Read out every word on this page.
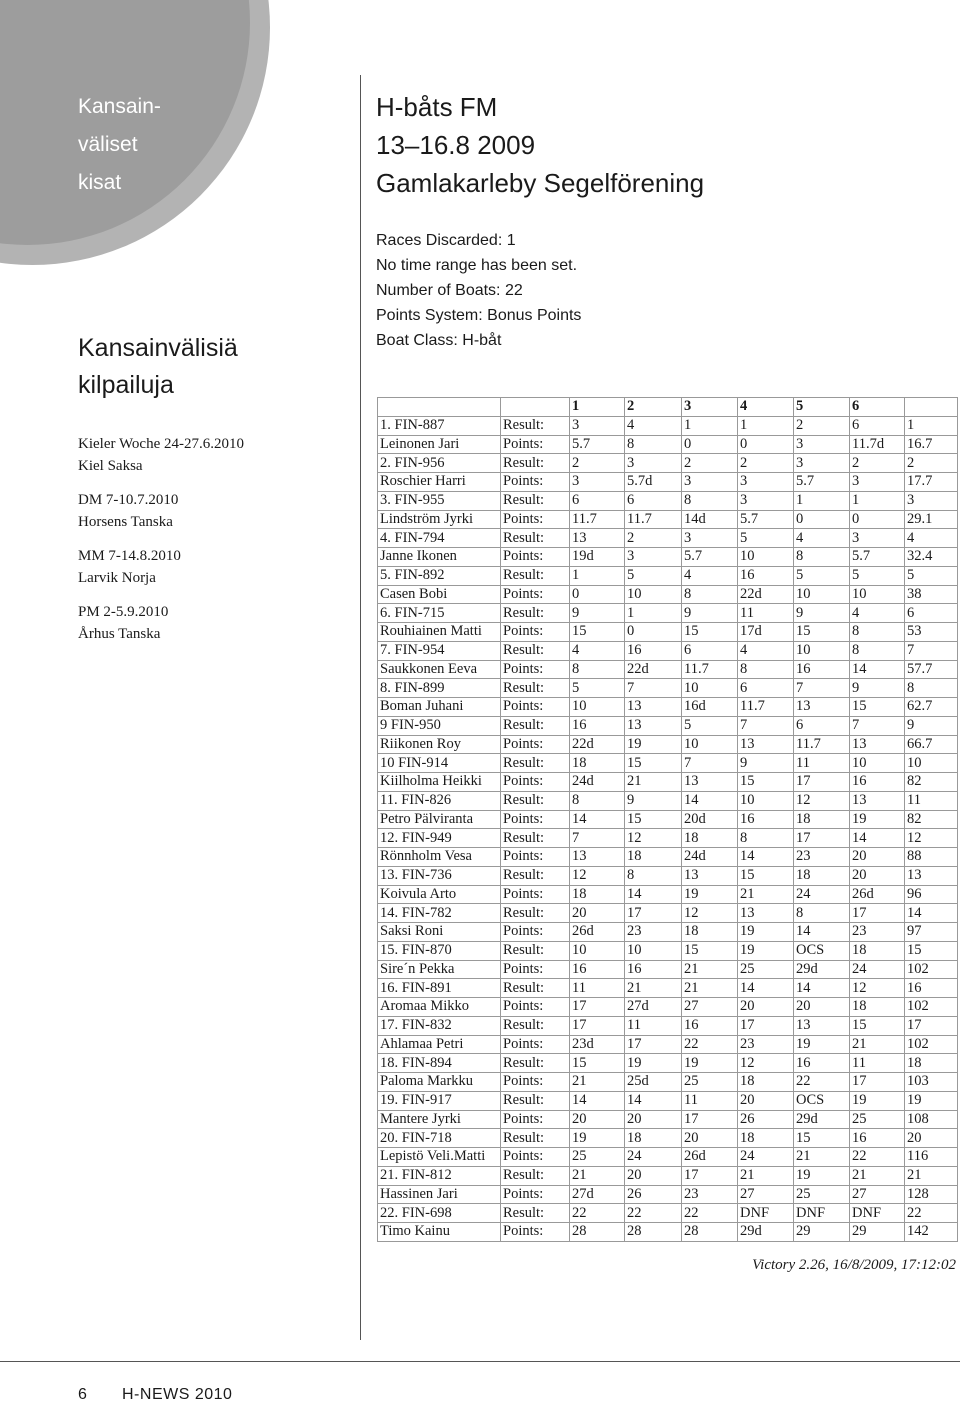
Kansain-
väliset
kisat
Kansainvälisiä
kilpailuja
Kieler Woche 24-27.6.2010
Kiel Saksa
DM 7-10.7.2010
Horsens Tanska
MM 7-14.8.2010
Larvik Norja
PM 2-5.9.2010
Århus Tanska
H-båts FM
13–16.8 2009
Gamlakarleby Segelförening
Races Discarded: 1
No time range has been set.
Number of Boats: 22
Points System: Bonus Points
Boat Class: H-båt
		1	2	3	4	5	6	
1. FIN-887	Result:	3	4	1	1	2	6	1
Leinonen Jari	Points:	5.7	8	0	0	3	11.7d	16.7
2. FIN-956	Result:	2	3	2	2	3	2	2
Roschier Harri	Points:	3	5.7d	3	3	5.7	3	17.7
3. FIN-955	Result:	6	6	8	3	1	1	3
Lindström Jyrki	Points:	11.7	11.7	14d	5.7	0	0	29.1
4. FIN-794	Result:	13	2	3	5	4	3	4
Janne Ikonen	Points:	19d	3	5.7	10	8	5.7	32.4
5. FIN-892	Result:	1	5	4	16	5	5	5
Casen Bobi	Points:	0	10	8	22d	10	10	38
6. FIN-715	Result:	9	1	9	11	9	4	6
Rouhiainen Matti	Points:	15	0	15	17d	15	8	53
7. FIN-954	Result:	4	16	6	4	10	8	7
Saukkonen Eeva	Points:	8	22d	11.7	8	16	14	57.7
8. FIN-899	Result:	5	7	10	6	7	9	8
Boman Juhani	Points:	10	13	16d	11.7	13	15	62.7
9 FIN-950	Result:	16	13	5	7	6	7	9
Riikonen Roy	Points:	22d	19	10	13	11.7	13	66.7
10 FIN-914	Result:	18	15	7	9	11	10	10
Kiilholma Heikki	Points:	24d	21	13	15	17	16	82
11. FIN-826	Result:	8	9	14	10	12	13	11
Petro Pälviranta	Points:	14	15	20d	16	18	19	82
12. FIN-949	Result:	7	12	18	8	17	14	12
Rönnholm Vesa	Points:	13	18	24d	14	23	20	88
13. FIN-736	Result:	12	8	13	15	18	20	13
Koivula Arto	Points:	18	14	19	21	24	26d	96
14. FIN-782	Result:	20	17	12	13	8	17	14
Saksi Roni	Points:	26d	23	18	19	14	23	97
15. FIN-870	Result:	10	10	15	19	OCS	18	15
Sire´n Pekka	Points:	16	16	21	25	29d	24	102
16. FIN-891	Result:	11	21	21	14	14	12	16
Aromaa Mikko	Points:	17	27d	27	20	20	18	102
17. FIN-832	Result:	17	11	16	17	13	15	17
Ahlamaa Petri	Points:	23d	17	22	23	19	21	102
18. FIN-894	Result:	15	19	19	12	16	11	18
Paloma Markku	Points:	21	25d	25	18	22	17	103
19. FIN-917	Result:	14	14	11	20	OCS	19	19
Mantere Jyrki	Points:	20	20	17	26	29d	25	108
20. FIN-718	Result:	19	18	20	18	15	16	20
Lepistö Veli.Matti	Points:	25	24	26d	24	21	22	116
21. FIN-812	Result:	21	20	17	21	19	21	21
Hassinen Jari	Points:	27d	26	23	27	25	27	128
22. FIN-698	Result:	22	22	22	DNF	DNF	DNF	22
Timo Kainu	Points:	28	28	28	29d	29	29	142
Victory 2.26, 16/8/2009, 17:12:02
6 H-NEWS 2010
